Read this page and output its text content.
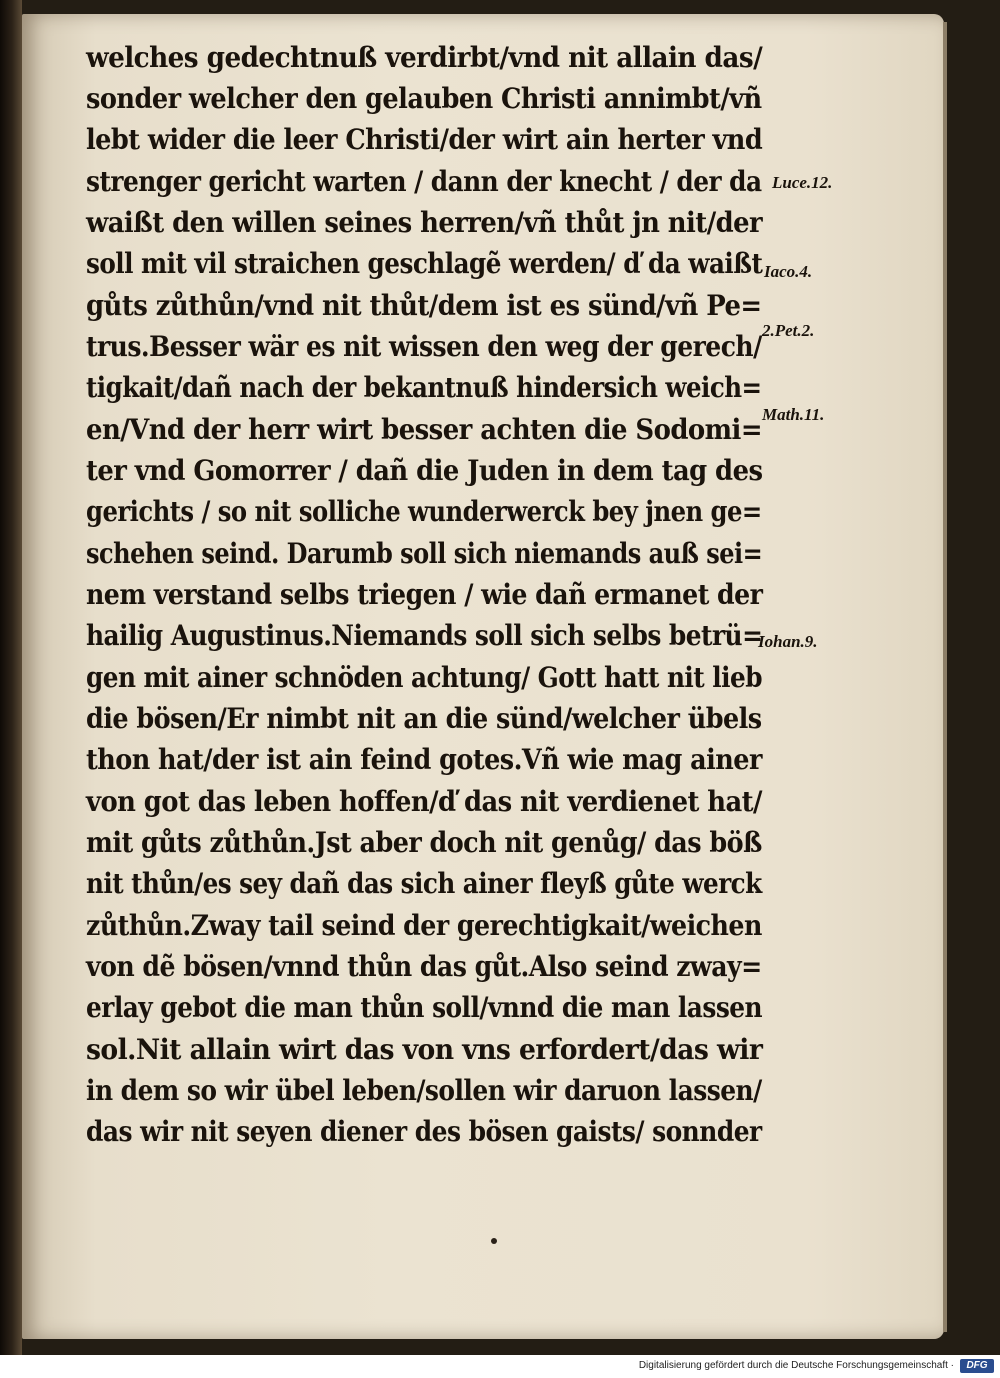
welches gedechtnuß verdirbt/vnd nit allain das/
sonder welcher den gelauben Christi annimbt/vñ
lebt wider die leer Christi/der wirt ain herter vnd
strenger gericht warten / dann der knecht / der da
waißt den willen seines herren/vñ thůt jn nit/der
soll mit vil straichen geschlagẽ werden/ ď da waißt
gůts zůthůn/vnd nit thůt/dem ist es sünd/vñ Pe=
trus.Besser wär es nit wissen den weg der gerech/
tigkait/dañ nach der bekantnuß hindersich weich=
en/Vnd der herr wirt besser achten die Sodomi=
ter vnd Gomorrer / dañ die Juden in dem tag des
gerichts / so nit solliche wunderwerck bey jnen ge=
schehen seind. Darumb soll sich niemands auß sei=
nem verstand selbs triegen / wie dañ ermanet der
hailig Augustinus.Niemands soll sich selbs betrü=
gen mit ainer schnöden achtung/ Gott hatt nit lieb
die bösen/Er nimbt nit an die sünd/welcher übels
thon hat/der ist ain feind gotes.Vñ wie mag ainer
von got das leben hoffen/ď das nit verdienet hat/
mit gůts zůthůn.Jst aber doch nit genůg/ das böß
nit thůn/es sey dañ das sich ainer fleyß gůte werck
zůthůn.Zway tail seind der gerechtigkait/weichen
von dẽ bösen/vnnd thůn das gůt.Also seind zway=
erlay gebot die man thůn soll/vnnd die man lassen
sol.Nit allain wirt das von vns erfordert/das wir
in dem so wir übel leben/sollen wir daruon lassen/
das wir nit seyen diener des bösen gaists/ sonnder
Luce.12.
Iaco.4.
2.Pet.2.
Math.11.
Iohan.9.
Digitalisierung gefördert durch die Deutsche Forschungsgemeinschaft ·	DFG
